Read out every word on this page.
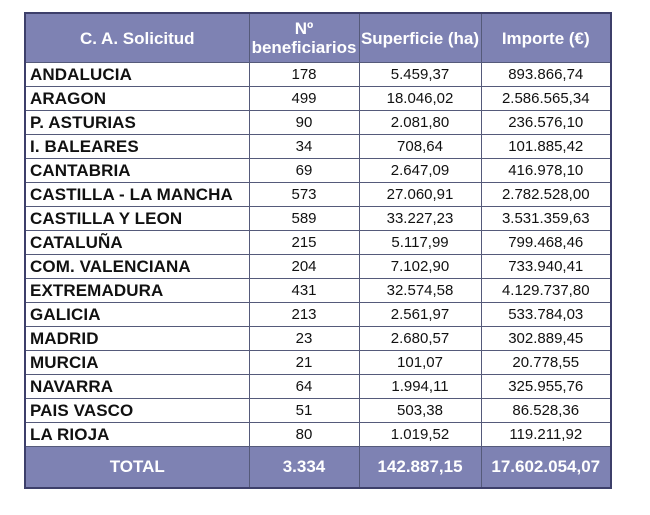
C. A. Solicitud	Nº beneficiarios	Superficie (ha)	Importe (€)
ANDALUCIA	178	5.459,37	893.866,74
ARAGON	499	18.046,02	2.586.565,34
P. ASTURIAS	90	2.081,80	236.576,10
I. BALEARES	34	708,64	101.885,42
CANTABRIA	69	2.647,09	416.978,10
CASTILLA - LA MANCHA	573	27.060,91	2.782.528,00
CASTILLA Y LEON	589	33.227,23	3.531.359,63
CATALUÑA	215	5.117,99	799.468,46
COM. VALENCIANA	204	7.102,90	733.940,41
EXTREMADURA	431	32.574,58	4.129.737,80
GALICIA	213	2.561,97	533.784,03
MADRID	23	2.680,57	302.889,45
MURCIA	21	101,07	20.778,55
NAVARRA	64	1.994,11	325.955,76
PAIS VASCO	51	503,38	86.528,36
LA RIOJA	80	1.019,52	119.211,92
TOTAL	3.334	142.887,15	17.602.054,07
